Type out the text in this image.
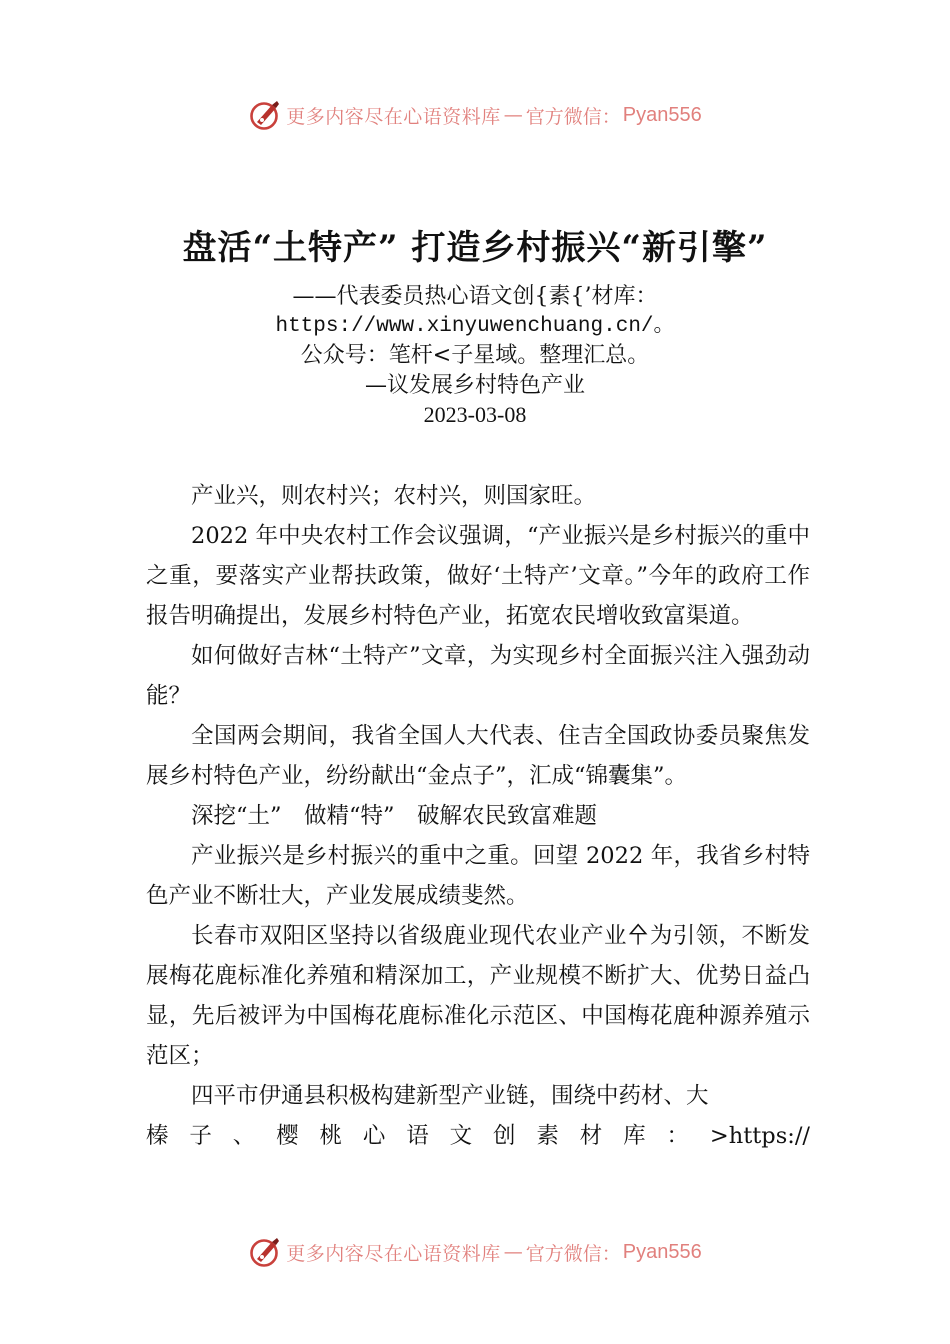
更多内容尽在心语资料库 — 官方微信： Pyan556
盘活“土特产” 打造乡村振兴“新引擎”
——代表委员热心语文创{素{’材库：
https://www.xinyuwenchuang.cn/。
公众号：笔杆<子星域。整理汇总。
—议发展乡村特色产业
2023-03-08

产业兴，则农村兴；农村兴，则国家旺。

2022 年中央农村工作会议强调，“产业振兴是乡村振兴的重中之重，要落实产业帮扶政策，做好‘土特产’文章。”今年的政府工作报告明确提出，发展乡村特色产业，拓宽农民增收致富渠道。

如何做好吉林“土特产”文章，为实现乡村全面振兴注入强劲动能？

全国两会期间，我省全国人大代表、住吉全国政协委员聚焦发展乡村特色产业，纷纷献出“金点子”，汇成“锦囊集”。

深挖“土”　做精“特”　破解农民致富难题

产业振兴是乡村振兴的重中之重。回望 2022 年，我省乡村特色产业不断壮大，产业发展成绩斐然。

长春市双阳区坚持以省级鹿业现代农业产业㐃为引领，不断发展梅花鹿标准化养殖和精深加工，产业规模不断扩大、优势日益凸显，先后被评为中国梅花鹿标准化示范区、中国梅花鹿种源养殖示范区；

四平市伊通县积极构建新型产业链，围绕中药材、大

榛子、樱桃心语文创素材库：>https://

更多内容尽在心语资料库 — 官方微信： Pyan556
